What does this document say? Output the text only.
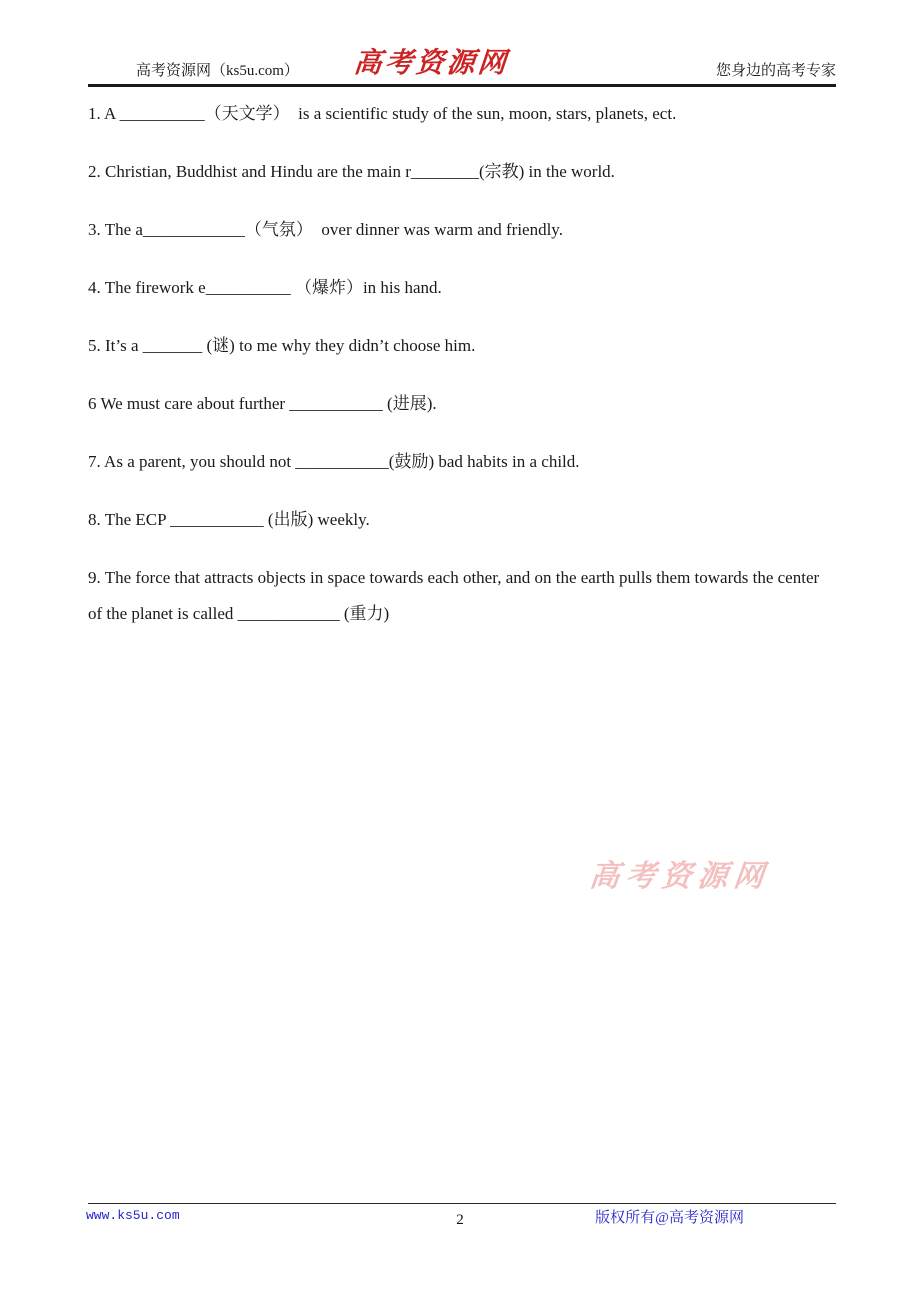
高考资源网（ks5u.com） 高考资源网	您身边的高考专家

1. A __________（天文学）  is a scientific study of the sun, moon, stars, planets, ect.

2. Christian, Buddhist and Hindu are the main r________(宗教) in the world.

3. The a____________（气氛）  over dinner was warm and friendly.

4. The firework e__________ （爆炸）in his hand.

5. It’s a _______ (谜) to me why they didn’t choose him.

6 We must care about further ___________ (进展).

7. As a parent, you should not ___________(鼓励) bad habits in a child.

8. The ECP ___________ (出版) weekly.

9. The force that attracts objects in space towards each other, and on the earth pulls them towards the center of the planet is called ____________ (重力)

高考资源网
www.ks5u.com	2	版权所有@高考资源网
